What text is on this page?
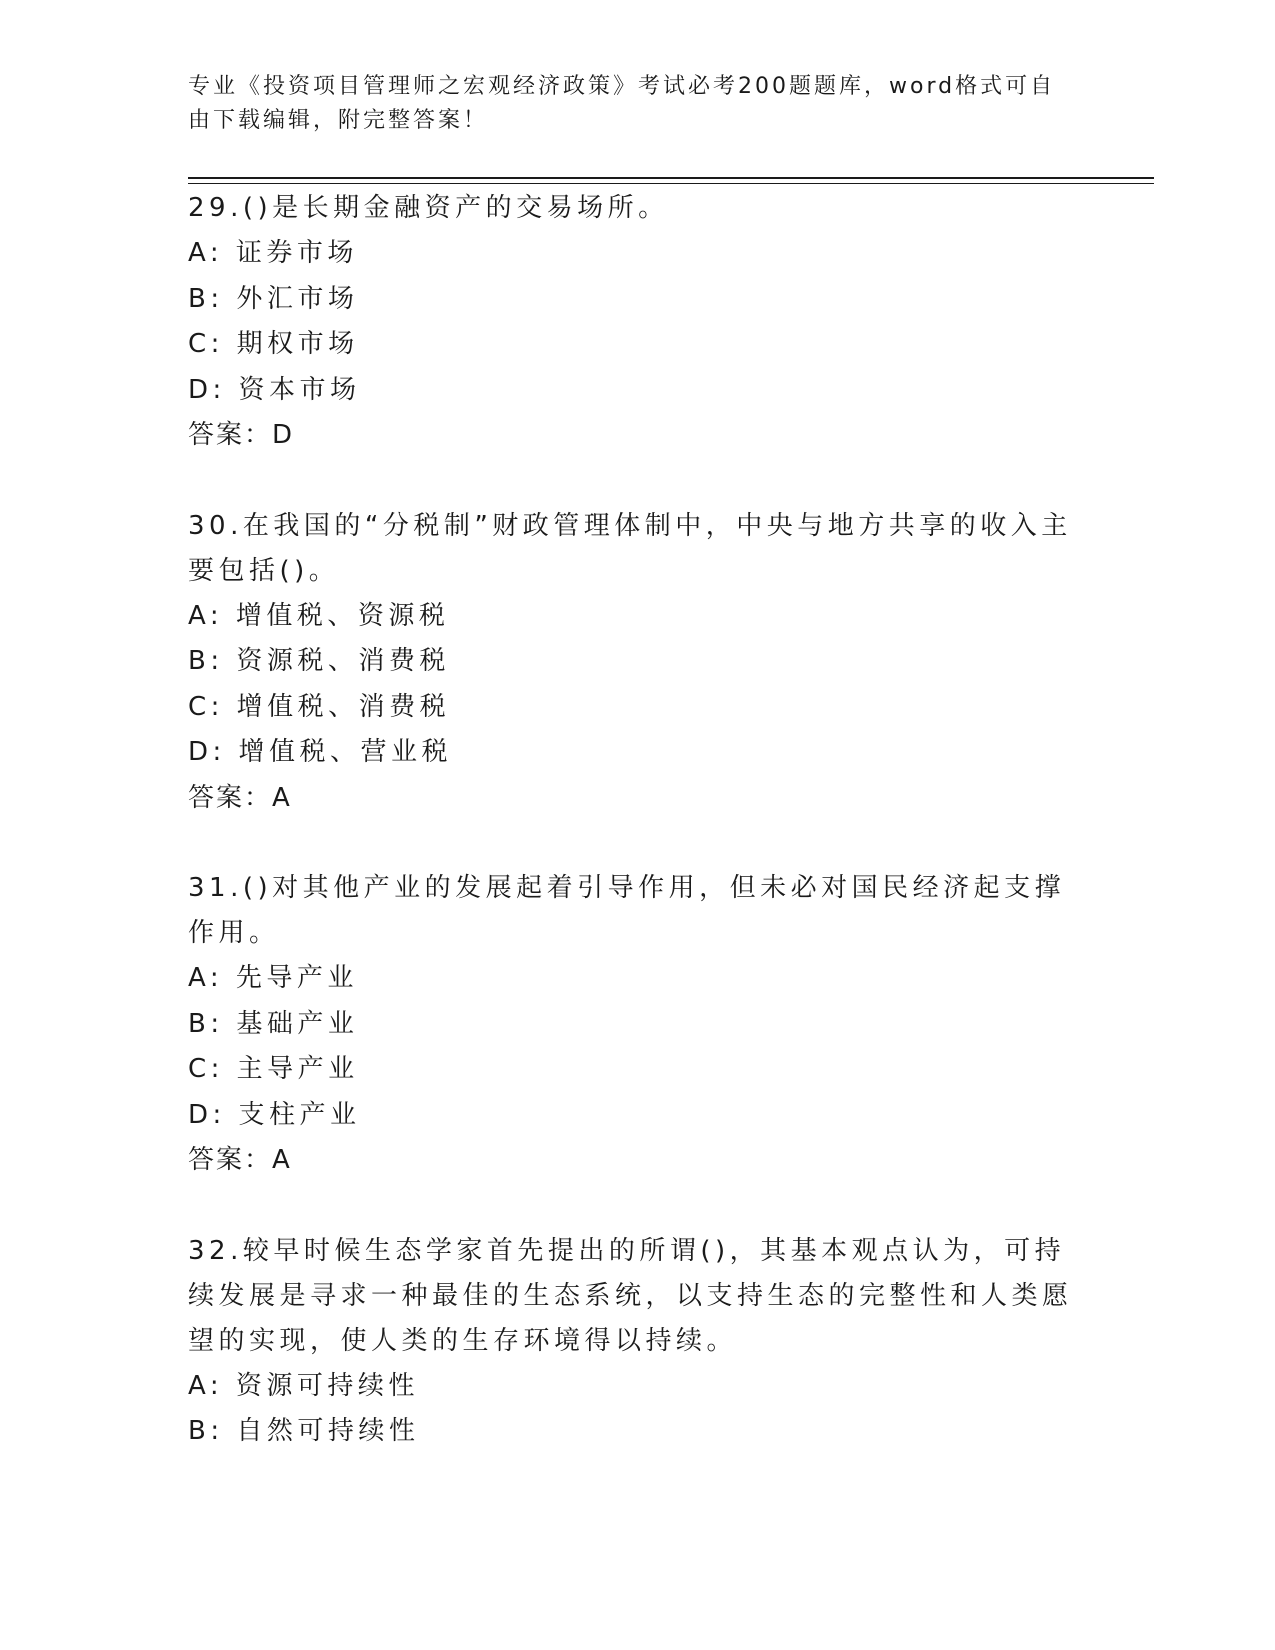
专业《投资项目管理师之宏观经济政策》考试必考200题题库，word格式可自由下载编辑，附完整答案！
29.()是长期金融资产的交易场所。
A: 证券市场
B: 外汇市场
C: 期权市场
D: 资本市场
答案：D
30.在我国的“分税制”财政管理体制中，中央与地方共享的收入主要包括()。
A: 增值税、资源税
B: 资源税、消费税
C: 增值税、消费税
D: 增值税、营业税
答案：A
31.()对其他产业的发展起着引导作用，但未必对国民经济起支撑作用。
A: 先导产业
B: 基础产业
C: 主导产业
D: 支柱产业
答案：A
32.较早时候生态学家首先提出的所谓()，其基本观点认为，可持续发展是寻求一种最佳的生态系统，以支持生态的完整性和人类愿望的实现，使人类的生存环境得以持续。
A: 资源可持续性
B: 自然可持续性
